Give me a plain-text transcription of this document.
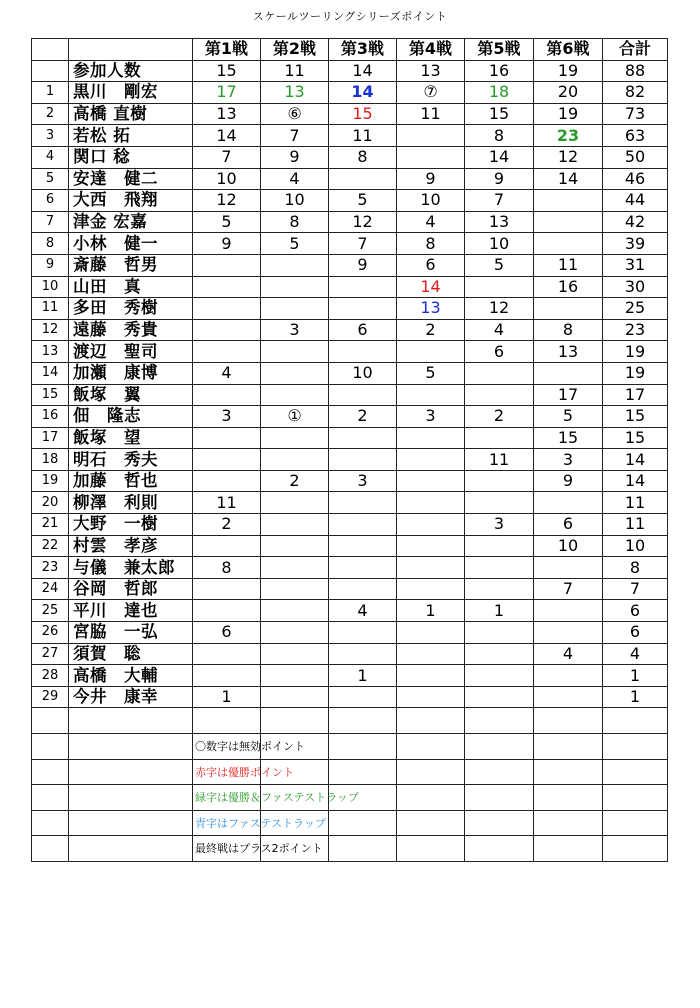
スケールツーリングシリーズポイント
		第1戦	第2戦	第3戦	第4戦	第5戦	第6戦	合計
	参加人数	15	11	14	13	16	19	88
1	黒川　剛宏	17	13	14	⑦	18	20	82
2	高橋 直樹	13	⑥	15	11	15	19	73
3	若松 拓	14	7	11		8	23	63
4	関口 稔	7	9	8		14	12	50
5	安達　健二	10	4		9	9	14	46
6	大西　飛翔	12	10	5	10	7		44
7	津金 宏嘉	5	8	12	4	13		42
8	小林　健一	9	5	7	8	10		39
9	斎藤　哲男			9	6	5	11	31
10	山田　真				14		16	30
11	多田　秀樹				13	12		25
12	遠藤　秀貴		3	6	2	4	8	23
13	渡辺　聖司					6	13	19
14	加瀬　康博	4		10	5			19
15	飯塚　翼						17	17
16	佃　隆志	3	①	2	3	2	5	15
17	飯塚　望						15	15
18	明石　秀夫					11	3	14
19	加藤　哲也		2	3			9	14
20	柳澤　利則	11						11
21	大野　一樹	2				3	6	11
22	村雲　孝彦						10	10
23	与儀　兼太郎	8						8
24	谷岡　哲郎						7	7
25	平川　達也			4	1	1		6
26	宮脇　一弘	6						6
27	須賀　聡						4	4
28	高橋　大輔			1				1
29	今井　康幸	1						1

		〇数字は無効ポイント						

		赤字は優勝ポイント						

		緑字は優勝＆ファステストラップ						

		青字はファステストラップ						

		最終戦はプラス2ポイント						
